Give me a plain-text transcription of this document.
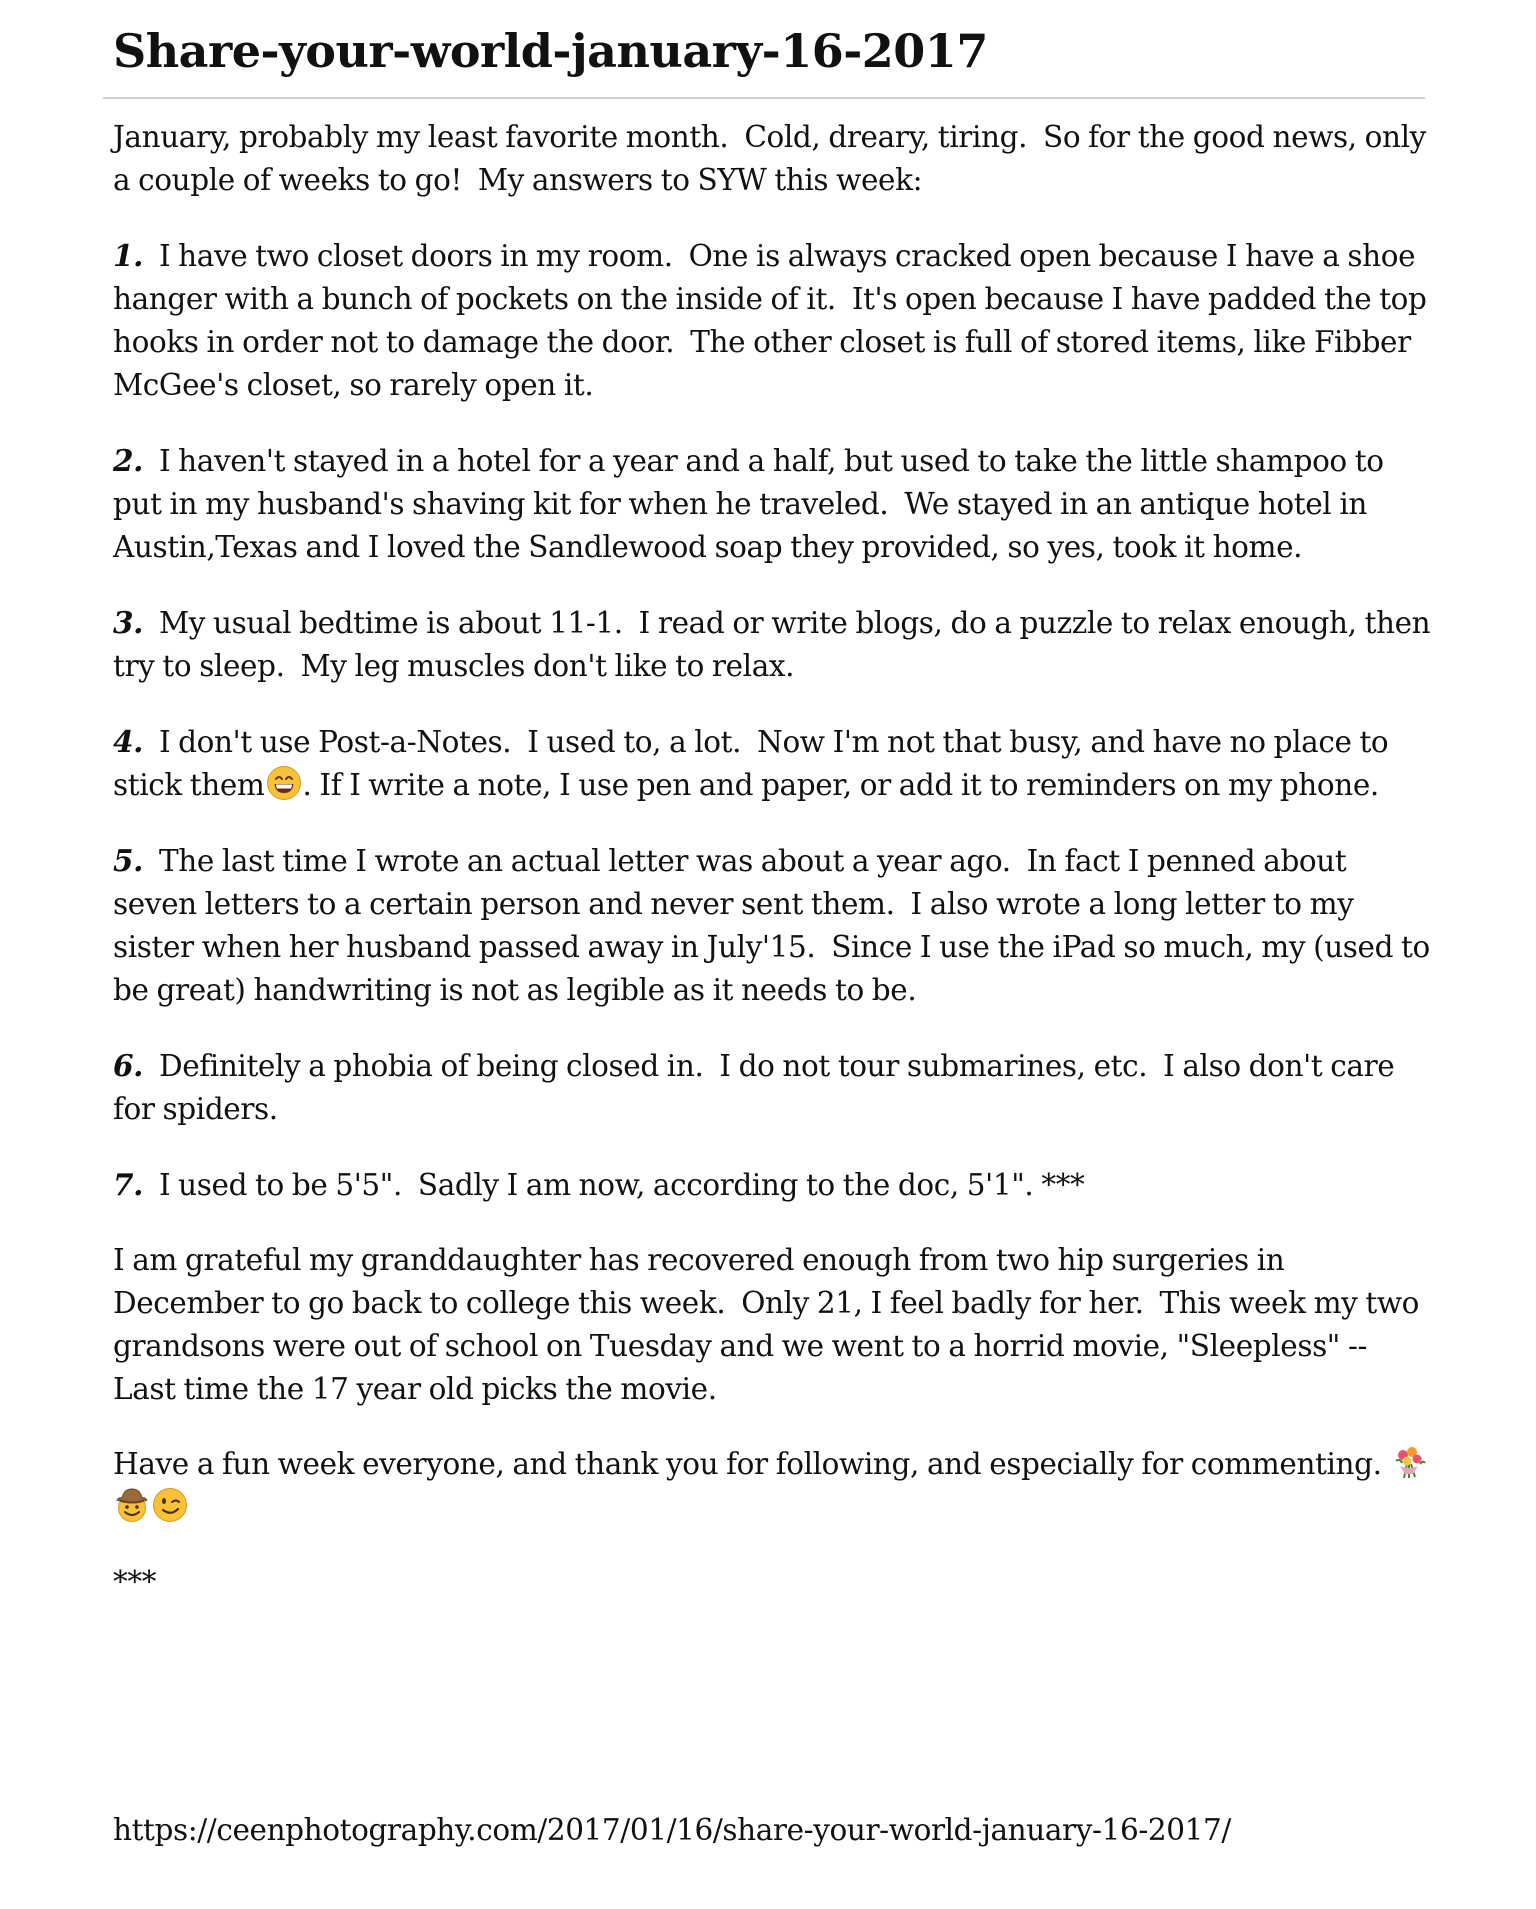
Share-your-world-january-16-2017

January, probably my least favorite month.  Cold, dreary, tiring.  So for the good news, only a couple of weeks to go!  My answers to SYW this week:

1.  I have two closet doors in my room.  One is always cracked open because I have a shoe hanger with a bunch of pockets on the inside of it.  It's open because I have padded the top hooks in order not to damage the door.  The other closet is full of stored items, like Fibber McGee's closet, so rarely open it.

2.  I haven't stayed in a hotel for a year and a half, but used to take the little shampoo to put in my husband's shaving kit for when he traveled.  We stayed in an antique hotel in Austin,Texas and I loved the Sandlewood soap they provided, so yes, took it home.

3.  My usual bedtime is about 11-1.  I read or write blogs, do a puzzle to relax enough, then try to sleep.  My leg muscles don't like to relax.

4.  I don't use Post-a-Notes.  I used to, a lot.  Now I'm not that busy, and have no place to stick them . If I write a note, I use pen and paper, or add it to reminders on my phone.

5.  The last time I wrote an actual letter was about a year ago.  In fact I penned about seven letters to a certain person and never sent them.  I also wrote a long letter to my sister when her husband passed away in July'15.  Since I use the iPad so much, my (used to be great) handwriting is not as legible as it needs to be.

6.  Definitely a phobia of being closed in.  I do not tour submarines, etc.  I also don't care for spiders.

7.  I used to be 5'5".  Sadly I am now, according to the doc, 5'1". ***

I am grateful my granddaughter has recovered enough from two hip surgeries in December to go back to college this week.  Only 21, I feel badly for her.  This week my two grandsons were out of school on Tuesday and we went to a horrid movie, "Sleepless" --  Last time the 17 year old picks the movie.

Have a fun week everyone, and thank you for following, and especially for commenting.

***

https://ceenphotography.com/2017/01/16/share-your-world-january-16-2017/
